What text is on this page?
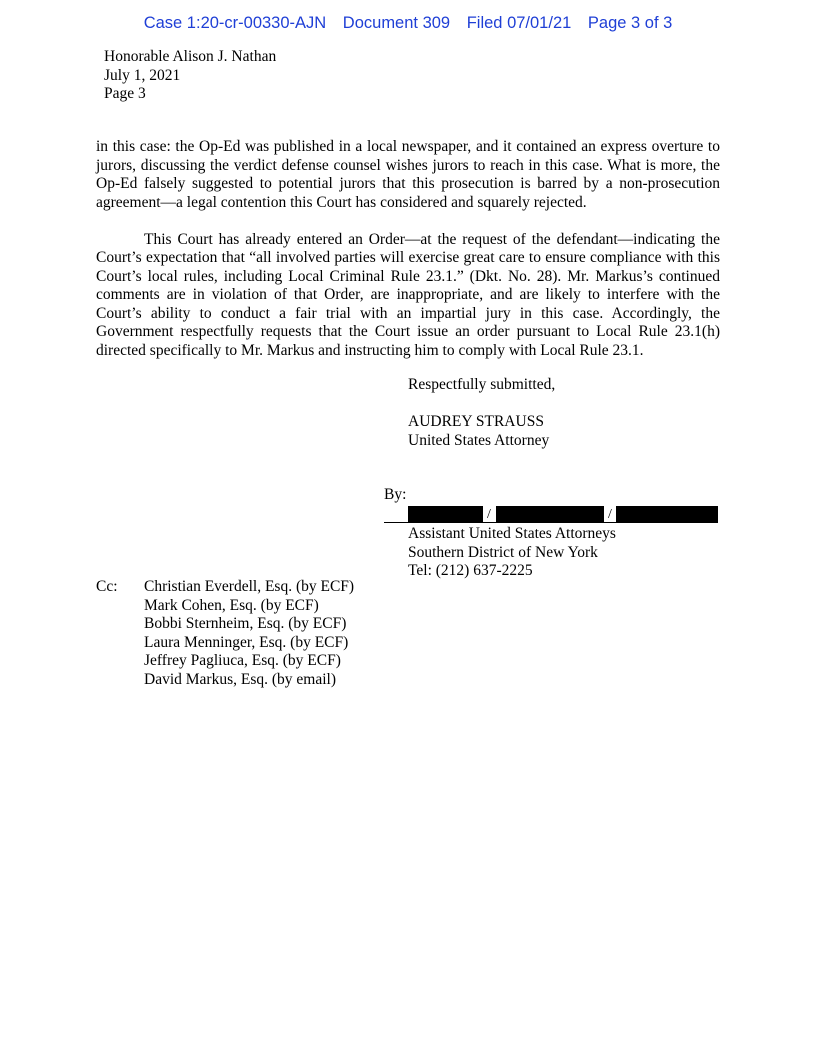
Case 1:20-cr-00330-AJN Document 309 Filed 07/01/21 Page 3 of 3
Honorable Alison J. Nathan
July 1, 2021
Page 3

in this case: the Op-Ed was published in a local newspaper, and it contained an express overture to jurors, discussing the verdict defense counsel wishes jurors to reach in this case. What is more, the Op-Ed falsely suggested to potential jurors that this prosecution is barred by a non-prosecution agreement—a legal contention this Court has considered and squarely rejected.

This Court has already entered an Order—at the request of the defendant—indicating the Court’s expectation that “all involved parties will exercise great care to ensure compliance with this Court’s local rules, including Local Criminal Rule 23.1.” (Dkt. No. 28). Mr. Markus’s continued comments are in violation of that Order, are inappropriate, and are likely to interfere with the Court’s ability to conduct a fair trial with an impartial jury in this case. Accordingly, the Government respectfully requests that the Court issue an order pursuant to Local Rule 23.1(h) directed specifically to Mr. Markus and instructing him to comply with Local Rule 23.1.

Respectfully submitted,
AUDREY STRAUSS
United States Attorney
By:
/	/
Assistant United States Attorneys
Southern District of New York
Tel: (212) 637-2225
Cc: Christian Everdell, Esq. (by ECF)
Mark Cohen, Esq. (by ECF)
Bobbi Sternheim, Esq. (by ECF)
Laura Menninger, Esq. (by ECF)
Jeffrey Pagliuca, Esq. (by ECF)
David Markus, Esq. (by email)
